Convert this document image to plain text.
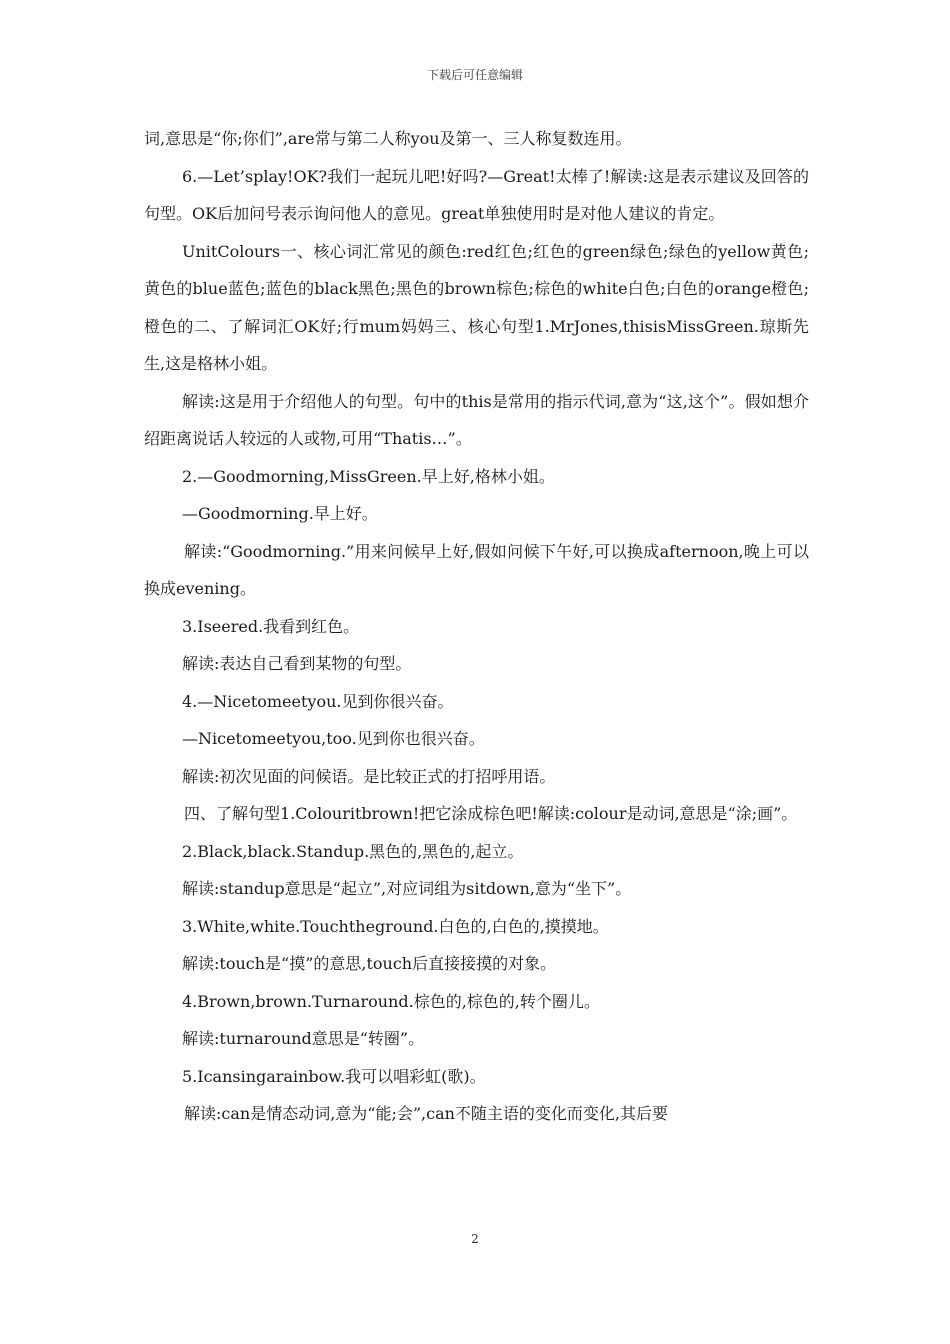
下载后可任意编辑

词,意思是“你;你们”,are常与第二人称you及第一、三人称复数连用。

6.—Let’splay!OK?我们一起玩儿吧!好吗?—Great!太棒了!解读:这是表示建议及回答的句型。OK后加问号表示询问他人的意见。great单独使用时是对他人建议的肯定。

UnitColours一、核心词汇常见的颜色:red红色;红色的green绿色;绿色的yellow黄色;黄色的blue蓝色;蓝色的black黑色;黑色的brown棕色;棕色的white白色;白色的orange橙色;橙色的二、了解词汇OK好;行mum妈妈三、核心句型1.MrJones,thisisMissGreen.琼斯先生,这是格林小姐。

解读:这是用于介绍他人的句型。句中的this是常用的指示代词,意为“这,这个”。假如想介绍距离说话人较远的人或物,可用“Thatis…”。

2.—Goodmorning,MissGreen.早上好,格林小姐。

—Goodmorning.早上好。

解读:“Goodmorning.”用来问候早上好,假如问候下午好,可以换成afternoon,晚上可以换成evening。

3.Iseered.我看到红色。

解读:表达自己看到某物的句型。

4.—Nicetomeetyou.见到你很兴奋。

—Nicetomeetyou,too.见到你也很兴奋。

解读:初次见面的问候语。是比较正式的打招呼用语。

四、了解句型1.Colouritbrown!把它涂成棕色吧!解读:colour是动词,意思是“涂;画”。

2.Black,black.Standup.黑色的,黑色的,起立。

解读:standup意思是“起立”,对应词组为sitdown,意为“坐下”。

3.White,white.Touchtheground.白色的,白色的,摸摸地。

解读:touch是“摸”的意思,touch后直接接摸的对象。

4.Brown,brown.Turnaround.棕色的,棕色的,转个圈儿。

解读:turnaround意思是“转圈”。

5.Icansingarainbow.我可以唱彩虹(歌)。

解读:can是情态动词,意为“能;会”,can不随主语的变化而变化,其后要

2
